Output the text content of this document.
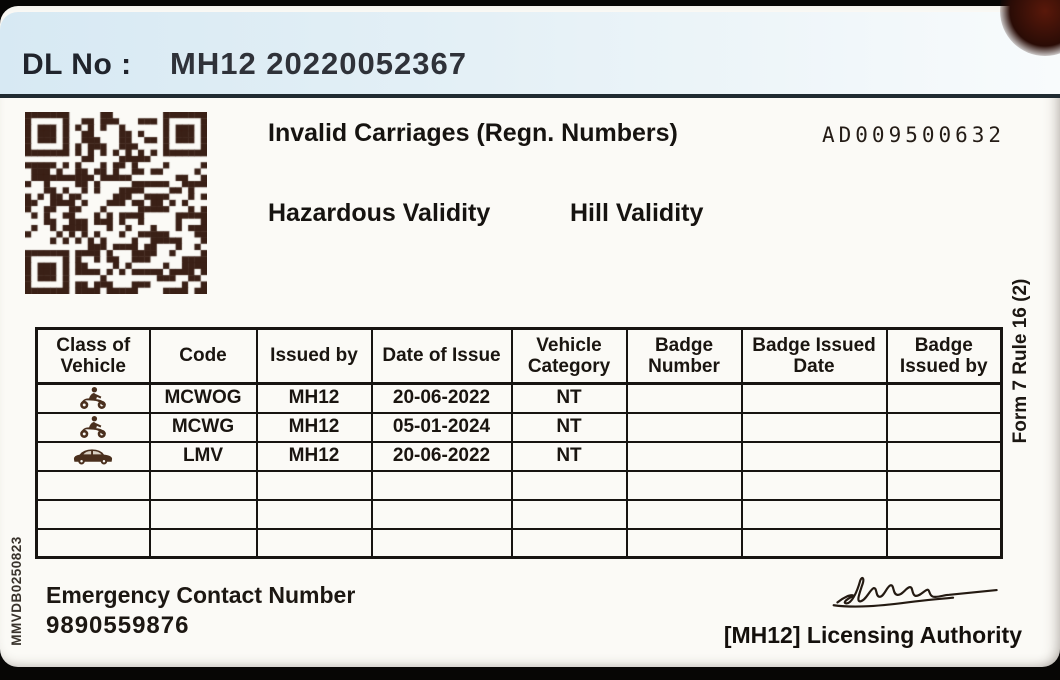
DL No : MH12 20220052367
Invalid Carriages (Regn. Numbers)	AD009500632
Hazardous Validity	Hill Validity
Class of Vehicle	Code	Issued by	Date of Issue	Vehicle Category	Badge Number	Badge Issued Date	Badge Issued by

	MCWOG	MH12	20-06-2022	NT			

	MCWG	MH12	05-01-2024	NT			

	LMV	MH12	20-06-2022	NT			

Emergency Contact Number
9890559876	[MH12] Licensing Authority
MMVDB0250823
Form 7 Rule 16 (2)
